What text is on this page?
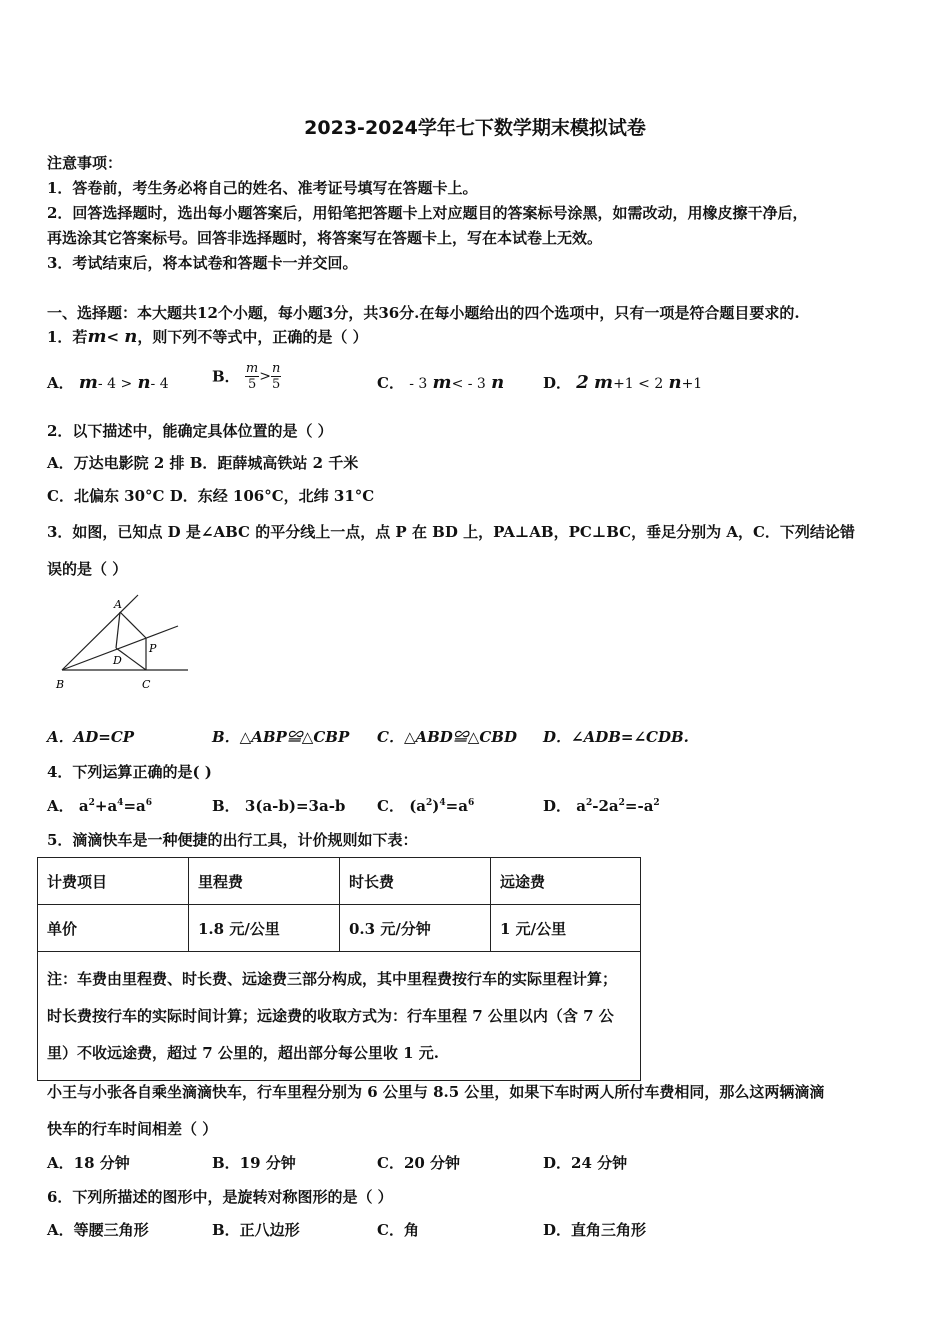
2023-2024学年七下数学期末模拟试卷
注意事项：
1．答卷前，考生务必将自己的姓名、准考证号填写在答题卡上。
2．回答选择题时，选出每小题答案后，用铅笔把答题卡上对应题目的答案标号涂黑，如需改动，用橡皮擦干净后，
再选涂其它答案标号。回答非选择题时，将答案写在答题卡上，写在本试卷上无效。
3．考试结束后，将本试卷和答题卡一并交回。
一、选择题：本大题共12个小题，每小题3分，共36分.在每小题给出的四个选项中，只有一项是符合题目要求的.
1．若m< n，则下列不等式中，正确的是（ ）
A． m- 4 > n- 4	B． $\frac{m}{5} > \frac{n}{5}$	C． - 3 m< - 3 n	D． 2 m+1 < 2 n+1
2．以下描述中，能确定具体位置的是（ ）
A．万达电影院 2 排 B．距薛城高铁站 2 千米
C．北偏东 30°C D．东经 106°C，北纬 31°C
3．如图，已知点 D 是∠ABC 的平分线上一点，点 P 在 BD 上，PA⊥AB，PC⊥BC，垂足分别为 A，C．下列结论错
误的是（ ）
A
B	C
D
P
A．AD=CP	B．△ABP≌△CBP C．△ABD≌△CBD D．∠ADB=∠CDB.
4．下列运算正确的是( )
A． $a^2+a^4=a^6$	B． 3(a-b)=3a-b C． $(a^2)^4=a^6$	D． $a^2-2a^2=-a^2$
5．滴滴快车是一种便捷的出行工具，计价规则如下表：
计费项目	里程费	时长费	远途费
单价	1.8 元/公里	0.3 元/分钟	1 元/公里
注：车费由里程费、时长费、远途费三部分构成，其中里程费按行车的实际里程计算；时长费按行车的实际时间计算；远途费的收取方式为：行车里程 7 公里以内（含 7 公里）不收远途费，超过 7 公里的，超出部分每公里收 1 元.			
小王与小张各自乘坐滴滴快车，行车里程分别为 6 公里与 8.5 公里，如果下车时两人所付车费相同，那么这两辆滴滴
快车的行车时间相差（ ）
A．18 分钟	B．19 分钟	C．20 分钟	D．24 分钟
6．下列所描述的图形中，是旋转对称图形的是（ ）
A．等腰三角形	B．正八边形	C．角	D．直角三角形
